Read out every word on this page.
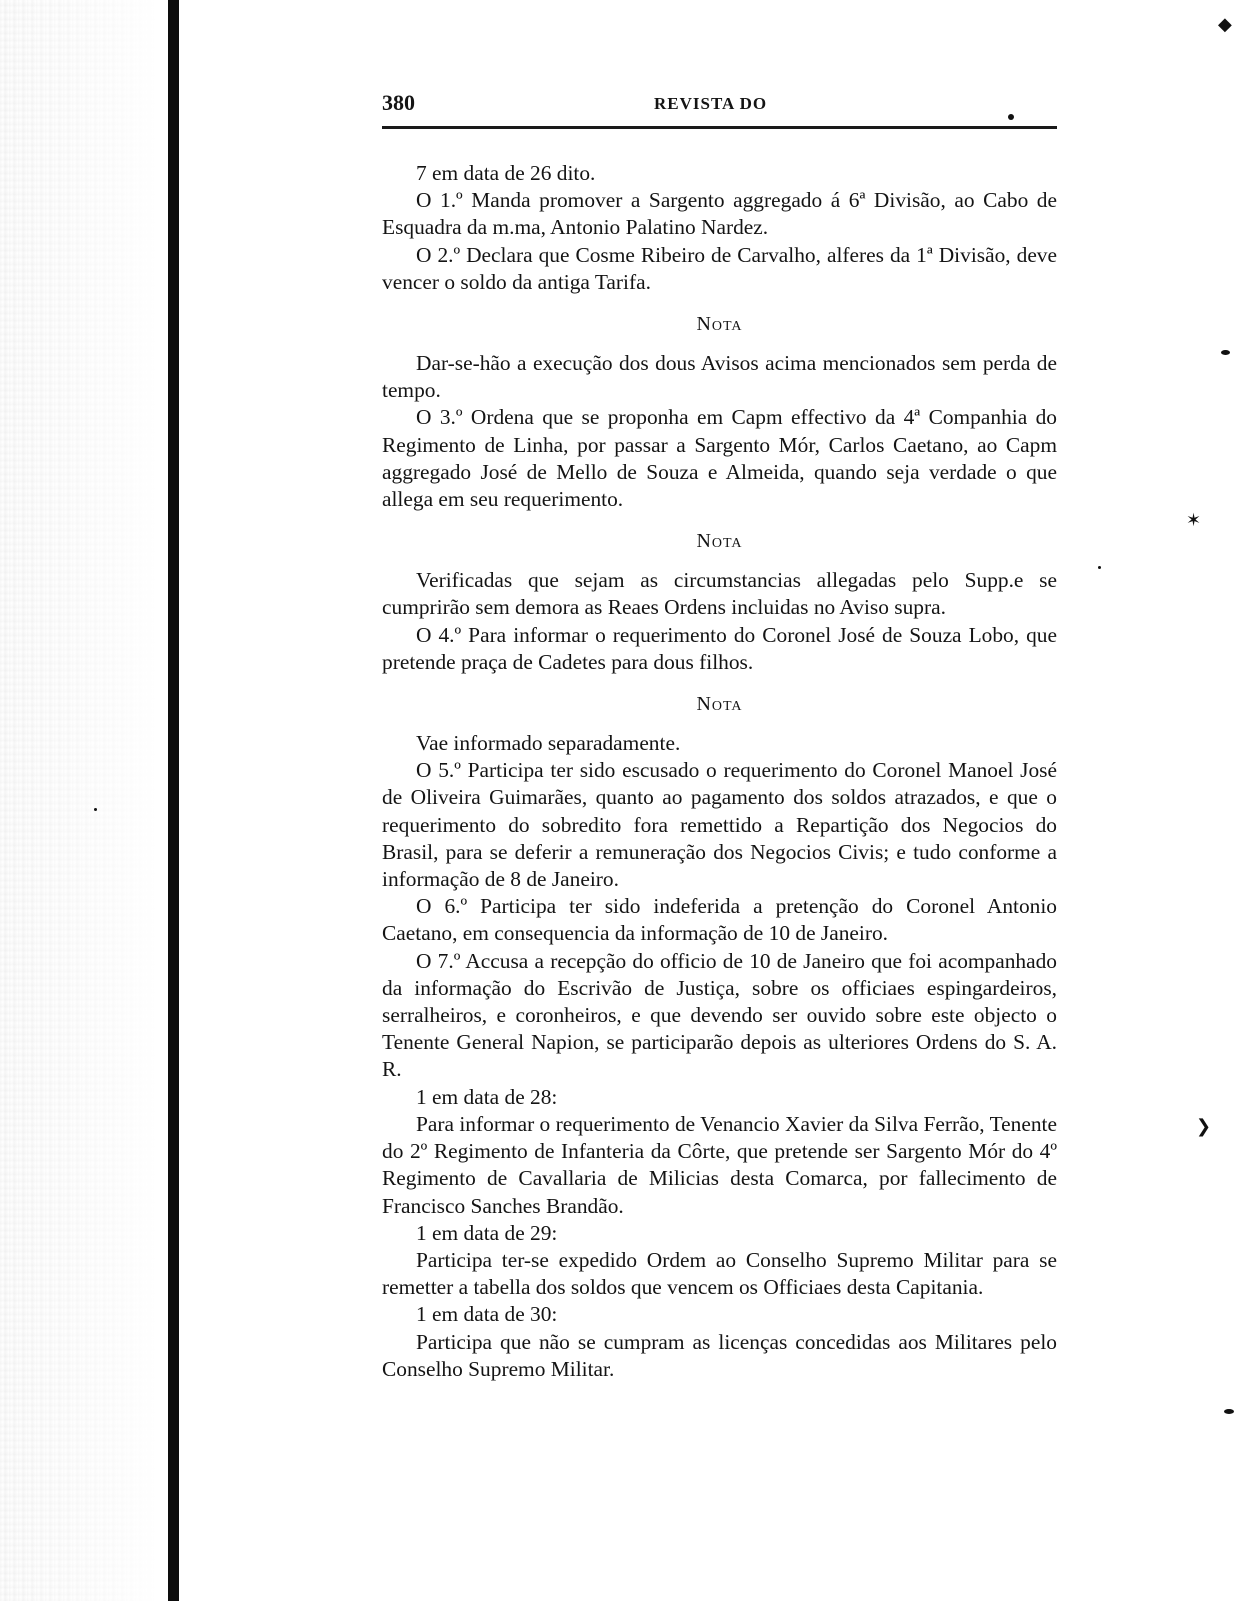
380	REVISTA DO

7 em data de 26 dito.

O 1.º Manda promover a Sargento aggregado á 6ª Divisão, ao Cabo de Esquadra da m.ma, Antonio Palatino Nardez.

O 2.º Declara que Cosme Ribeiro de Carvalho, alferes da 1ª Divisão, deve vencer o soldo da antiga Tarifa.

Nota

Dar-se-hão a execução dos dous Avisos acima mencionados sem perda de tempo.

O 3.º Ordena que se proponha em Capm effectivo da 4ª Companhia do Regimento de Linha, por passar a Sargento Mór, Carlos Caetano, ao Capm aggregado José de Mello de Souza e Almeida, quando seja verdade o que allega em seu requerimento.

Nota

Verificadas que sejam as circumstancias allegadas pelo Supp.e se cumprirão sem demora as Reaes Ordens incluidas no Aviso supra.

O 4.º Para informar o requerimento do Coronel José de Souza Lobo, que pretende praça de Cadetes para dous filhos.

Nota

Vae informado separadamente.

O 5.º Participa ter sido escusado o requerimento do Coronel Manoel José de Oliveira Guimarães, quanto ao pagamento dos soldos atrazados, e que o requerimento do sobredito fora remettido a Repartição dos Negocios do Brasil, para se deferir a remuneração dos Negocios Civis; e tudo conforme a informação de 8 de Janeiro.

O 6.º Participa ter sido indeferida a pretenção do Coronel Antonio Caetano, em consequencia da informação de 10 de Janeiro.

O 7.º Accusa a recepção do officio de 10 de Janeiro que foi acompanhado da informação do Escrivão de Justiça, sobre os officiaes espingardeiros, serralheiros, e coronheiros, e que devendo ser ouvido sobre este objecto o Tenente General Napion, se participarão depois as ulteriores Ordens do S. A. R.

1 em data de 28:

Para informar o requerimento de Venancio Xavier da Silva Ferrão, Tenente do 2º Regimento de Infanteria da Côrte, que pretende ser Sargento Mór do 4º Regimento de Cavallaria de Milicias desta Comarca, por fallecimento de Francisco Sanches Brandão.

1 em data de 29:

Participa ter-se expedido Ordem ao Conselho Supremo Militar para se remetter a tabella dos soldos que vencem os Officiaes desta Capitania.

1 em data de 30:

Participa que não se cumpram as licenças concedidas aos Militares pelo Conselho Supremo Militar.

◆
✶
❯
